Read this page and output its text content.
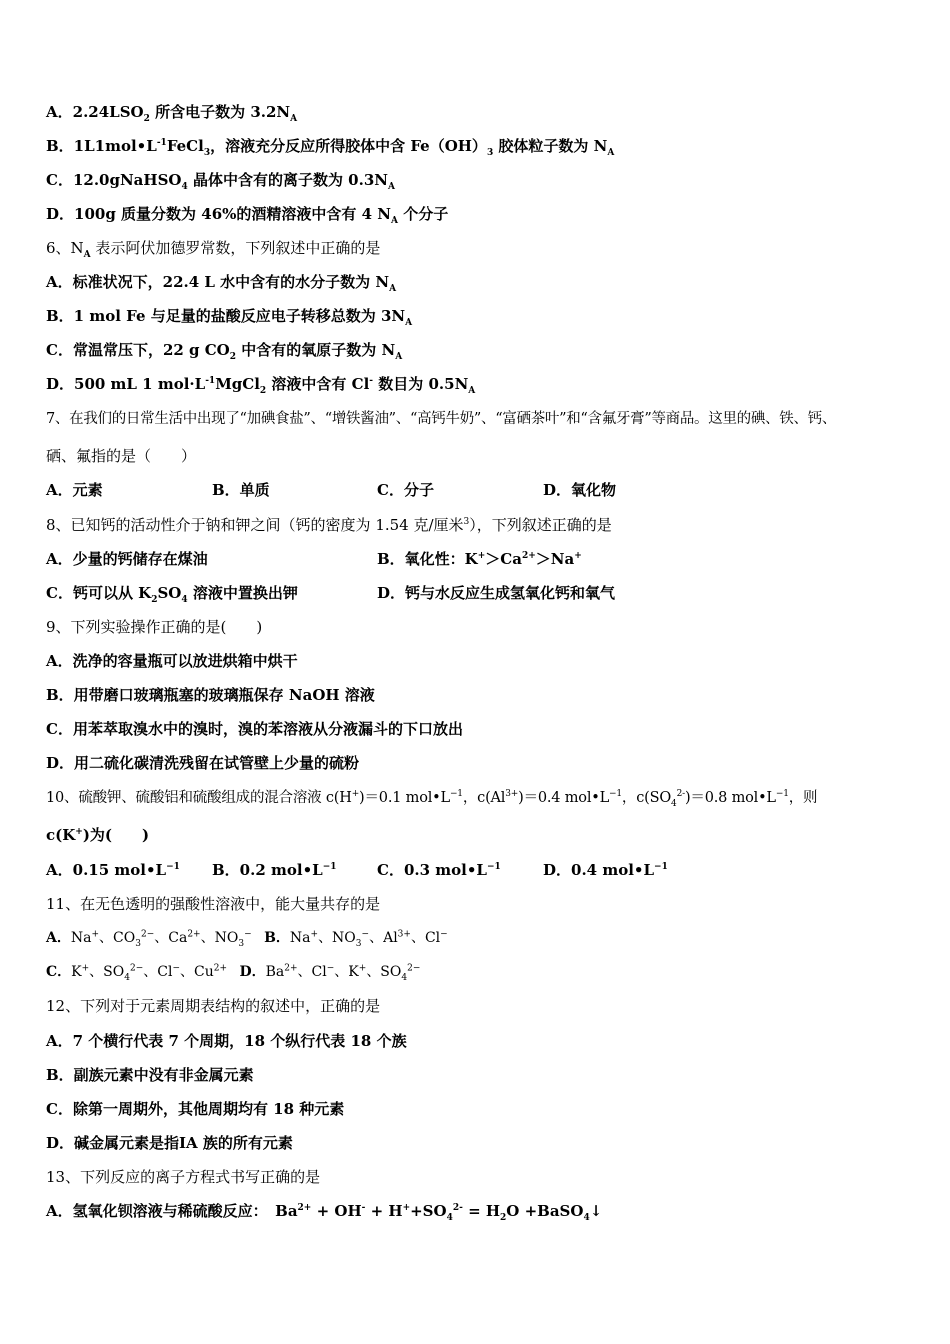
A．$2.24LSO_2$ 所含电子数为 $3.2N_A$
B．$1L1mol•L^{-1}FeCl_3$，溶液充分反应所得胶体中含 $Fe(OH)_3$ 胶体粒子数为 $N_A$
C．12.0gNaHSO$_4$ 晶体中含有的离子数为 $0.3N_A$
D．100g 质量分数为 46%的酒精溶液中含有 4 $N_A$ 个分子
6、$N_A$ 表示阿伏加德罗常数，下列叙述中正确的是
A．标准状况下，22.4 L 水中含有的水分子数为 $N_A$
B．1 mol Fe 与足量的盐酸反应电子转移总数为 $3N_A$
C．常温常压下，22 g $CO_2$ 中含有的氧原子数为 $N_A$
D．500 mL 1 $mol\cdot L^{-1}MgCl_2$ 溶液中含有 Cl- 数目为 $0.5N_A$
7、在我们的日常生活中出现了“加碘食盐”、“增铁酱油”、“高钙牛奶”、“富硒茶叶”和“含氟牙膏”等商品。这里的碘、铁、钙、
硒、氟指的是（　　）
A．元素	B．单质	C．分子	D．氧化物
8、已知钙的活动性介于钠和钾之间（钙的密度为 1.54 克/厘米$^3$），下列叙述正确的是
A．少量的钙储存在煤油	B．氧化性：$K^+>Ca^{2+}>Na^+$
C．钙可以从 $K_2SO_4$ 溶液中置换出钾	D．钙与水反应生成氢氧化钙和氧气
9、下列实验操作正确的是(　　)
A．洗净的容量瓶可以放进烘箱中烘干
B．用带磨口玻璃瓶塞的玻璃瓶保存 NaOH 溶液
C．用苯萃取溴水中的溴时，溴的苯溶液从分液漏斗的下口放出
D．用二硫化碳清洗残留在试管壁上少量的硫粉
10、硫酸钾、硫酸铝和硫酸组成的混合溶液 c(H+)＝0.1 $mol•L^{-1}$，$c(Al^{3+})=0.4$ $mol•L^{-1}$，$c(SO_4^{2-})=0.8$ $mol•L^{-1}$，则
c(K+)为(　　)
A．0.15 $mol•L^{-1}$ B．0.2 $mol•L^{-1}$	C．0.3 $mol•L^{-1}$	D．0.4 $mol•L^{-1}$
11、在无色透明的强酸性溶液中，能大量共存的是
A．Na+、$CO_3^{2-}$、$Ca^{2+}$、$NO_3^-$ B．Na+、$NO_3^-$、$Al^{3+}$、Cl−
C．K+、$SO_4^{2-}$、Cl−、$Cu^{2+}$ D．$Ba^{2+}$、Cl−、K+、$SO_4^{2-}$
12、下列对于元素周期表结构的叙述中，正确的是
A．7 个横行代表 7 个周期，18 个纵行代表 18 个族
B．副族元素中没有非金属元素
C．除第一周期外，其他周期均有 18 种元素
D．碱金属元素是指ⅠA 族的所有元素
13、下列反应的离子方程式书写正确的是
A．氢氧化钡溶液与稀硫酸反应：　$Ba^{2+} + OH^- + H^++SO_4^{2-} = H_2O$ +BaSO$_4$↓
